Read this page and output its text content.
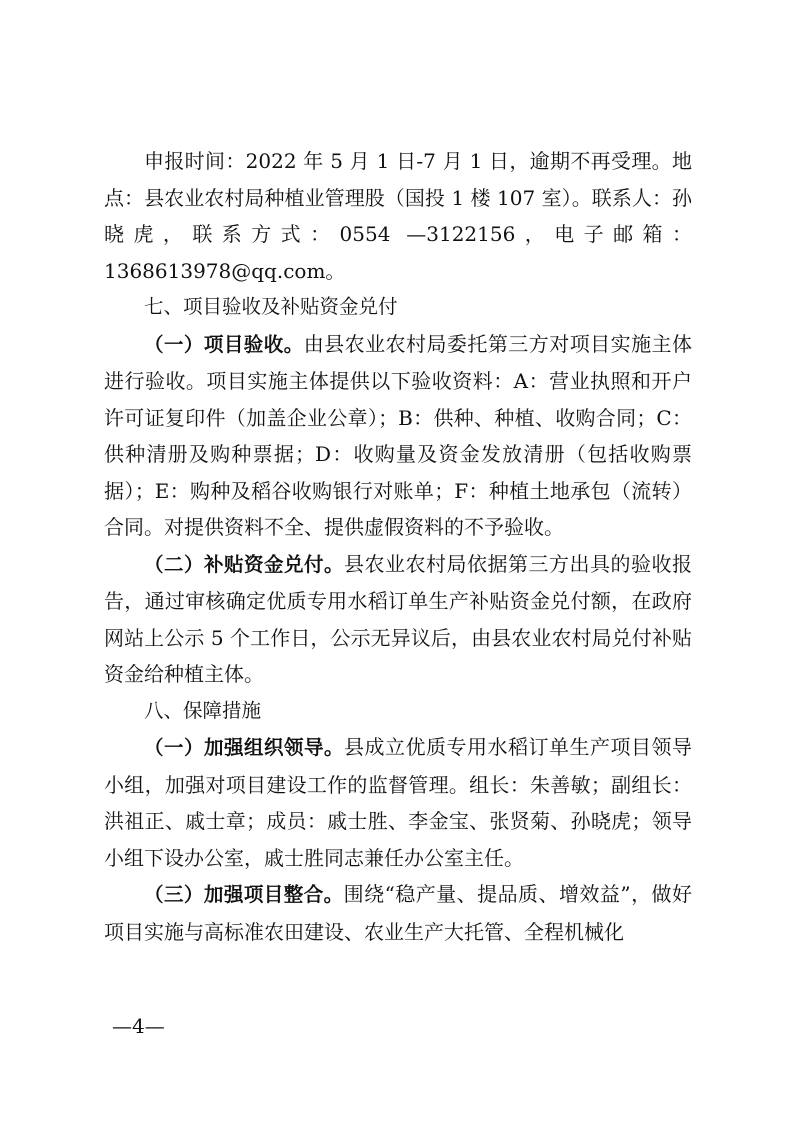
申报时间：2022 年 5 月 1 日-7 月 1 日，逾期不再受理。地点：县农业农村局种植业管理股（国投 1 楼 107 室）。联系人：孙晓虎，联系方式：0554 —3122156，电子邮箱：1368613978@qq.com。

七、项目验收及补贴资金兑付

（一）项目验收。由县农业农村局委托第三方对项目实施主体进行验收。项目实施主体提供以下验收资料：A：营业执照和开户许可证复印件（加盖企业公章）；B：供种、种植、收购合同；C：供种清册及购种票据；D：收购量及资金发放清册（包括收购票据）；E：购种及稻谷收购银行对账单；F：种植土地承包（流转）合同。对提供资料不全、提供虚假资料的不予验收。

（二）补贴资金兑付。县农业农村局依据第三方出具的验收报告，通过审核确定优质专用水稻订单生产补贴资金兑付额，在政府网站上公示 5 个工作日，公示无异议后，由县农业农村局兑付补贴资金给种植主体。

八、保障措施

（一）加强组织领导。县成立优质专用水稻订单生产项目领导小组，加强对项目建设工作的监督管理。组长：朱善敏；副组长：洪祖正、戚士章；成员：戚士胜、李金宝、张贤菊、孙晓虎；领导小组下设办公室，戚士胜同志兼任办公室主任。

（三）加强项目整合。围绕“稳产量、提品质、增效益”，做好项目实施与高标准农田建设、农业生产大托管、全程机械化

—4—
